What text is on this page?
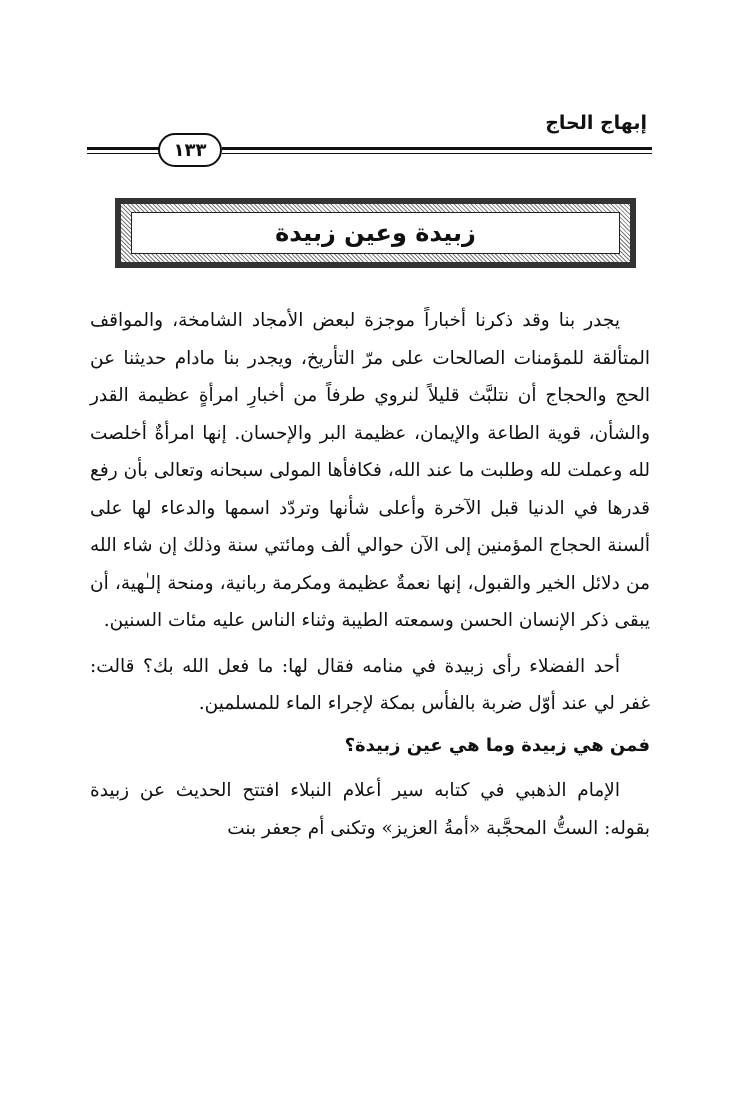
إبهاج الحاج
١٣٣
زبيدة وعين زبيدة

يجدر بنا وقد ذكرنا أخباراً موجزة لبعض الأمجاد الشامخة، والمواقف المتألقة للمؤمنات الصالحات على مرّ التأريخ، ويجدر بنا مادام حديثنا عن الحج والحجاج أن نتلبَّث قليلاً لنروي طرفاً من أخبارِ امرأةٍ عظيمة القدر والشأن، قوية الطاعة والإيمان، عظيمة البر والإحسان. إنها امرأةٌ أخلصت لله وعملت لله وطلبت ما عند الله، فكافأها المولى سبحانه وتعالى بأن رفع قدرها في الدنيا قبل الآخرة وأعلى شأنها وتردّد اسمها والدعاء لها على ألسنة الحجاج المؤمنين إلى الآن حوالي ألف ومائتي سنة وذلك إن شاء الله من دلائل الخير والقبول، إنها نعمةٌ عظيمة ومكرمة ربانية، ومنحة إلـٰهية، أن يبقى ذكر الإنسان الحسن وسمعته الطيبة وثناء الناس عليه مئات السنين.

أحد الفضلاء رأى زبيدة في منامه فقال لها: ما فعل الله بك؟ قالت: غفر لي عند أوّل ضربة بالفأس بمكة لإجراء الماء للمسلمين.

فمن هي زبيدة وما هي عين زبيدة؟

الإمام الذهبي في كتابه سير أعلام النبلاء افتتح الحديث عن زبيدة بقوله: الستُّ المحجَّبة «أمةُ العزيز» وتكنى أم جعفر بنت
